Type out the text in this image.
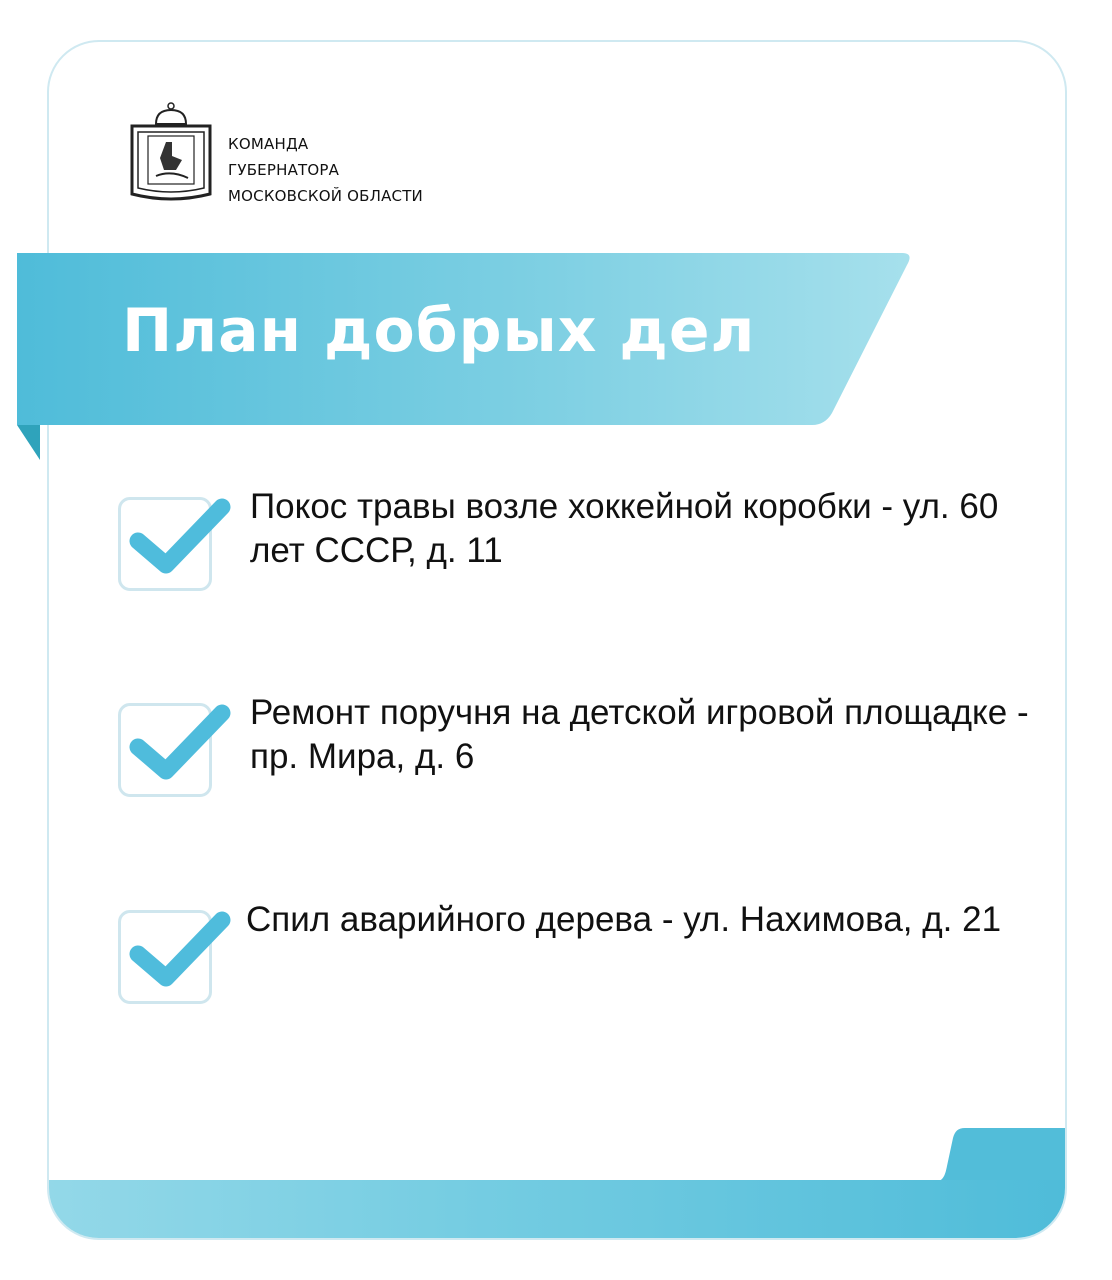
КОМАНДА
ГУБЕРНАТОРА
МОСКОВСКОЙ ОБЛАСТИ
План добрых дел
Покос травы возле хоккейной коробки - ул. 60 лет СССР, д. 11
Ремонт поручня на детской игровой площадке - пр. Мира, д. 6
Спил аварийного дерева - ул. Нахимова, д. 21
